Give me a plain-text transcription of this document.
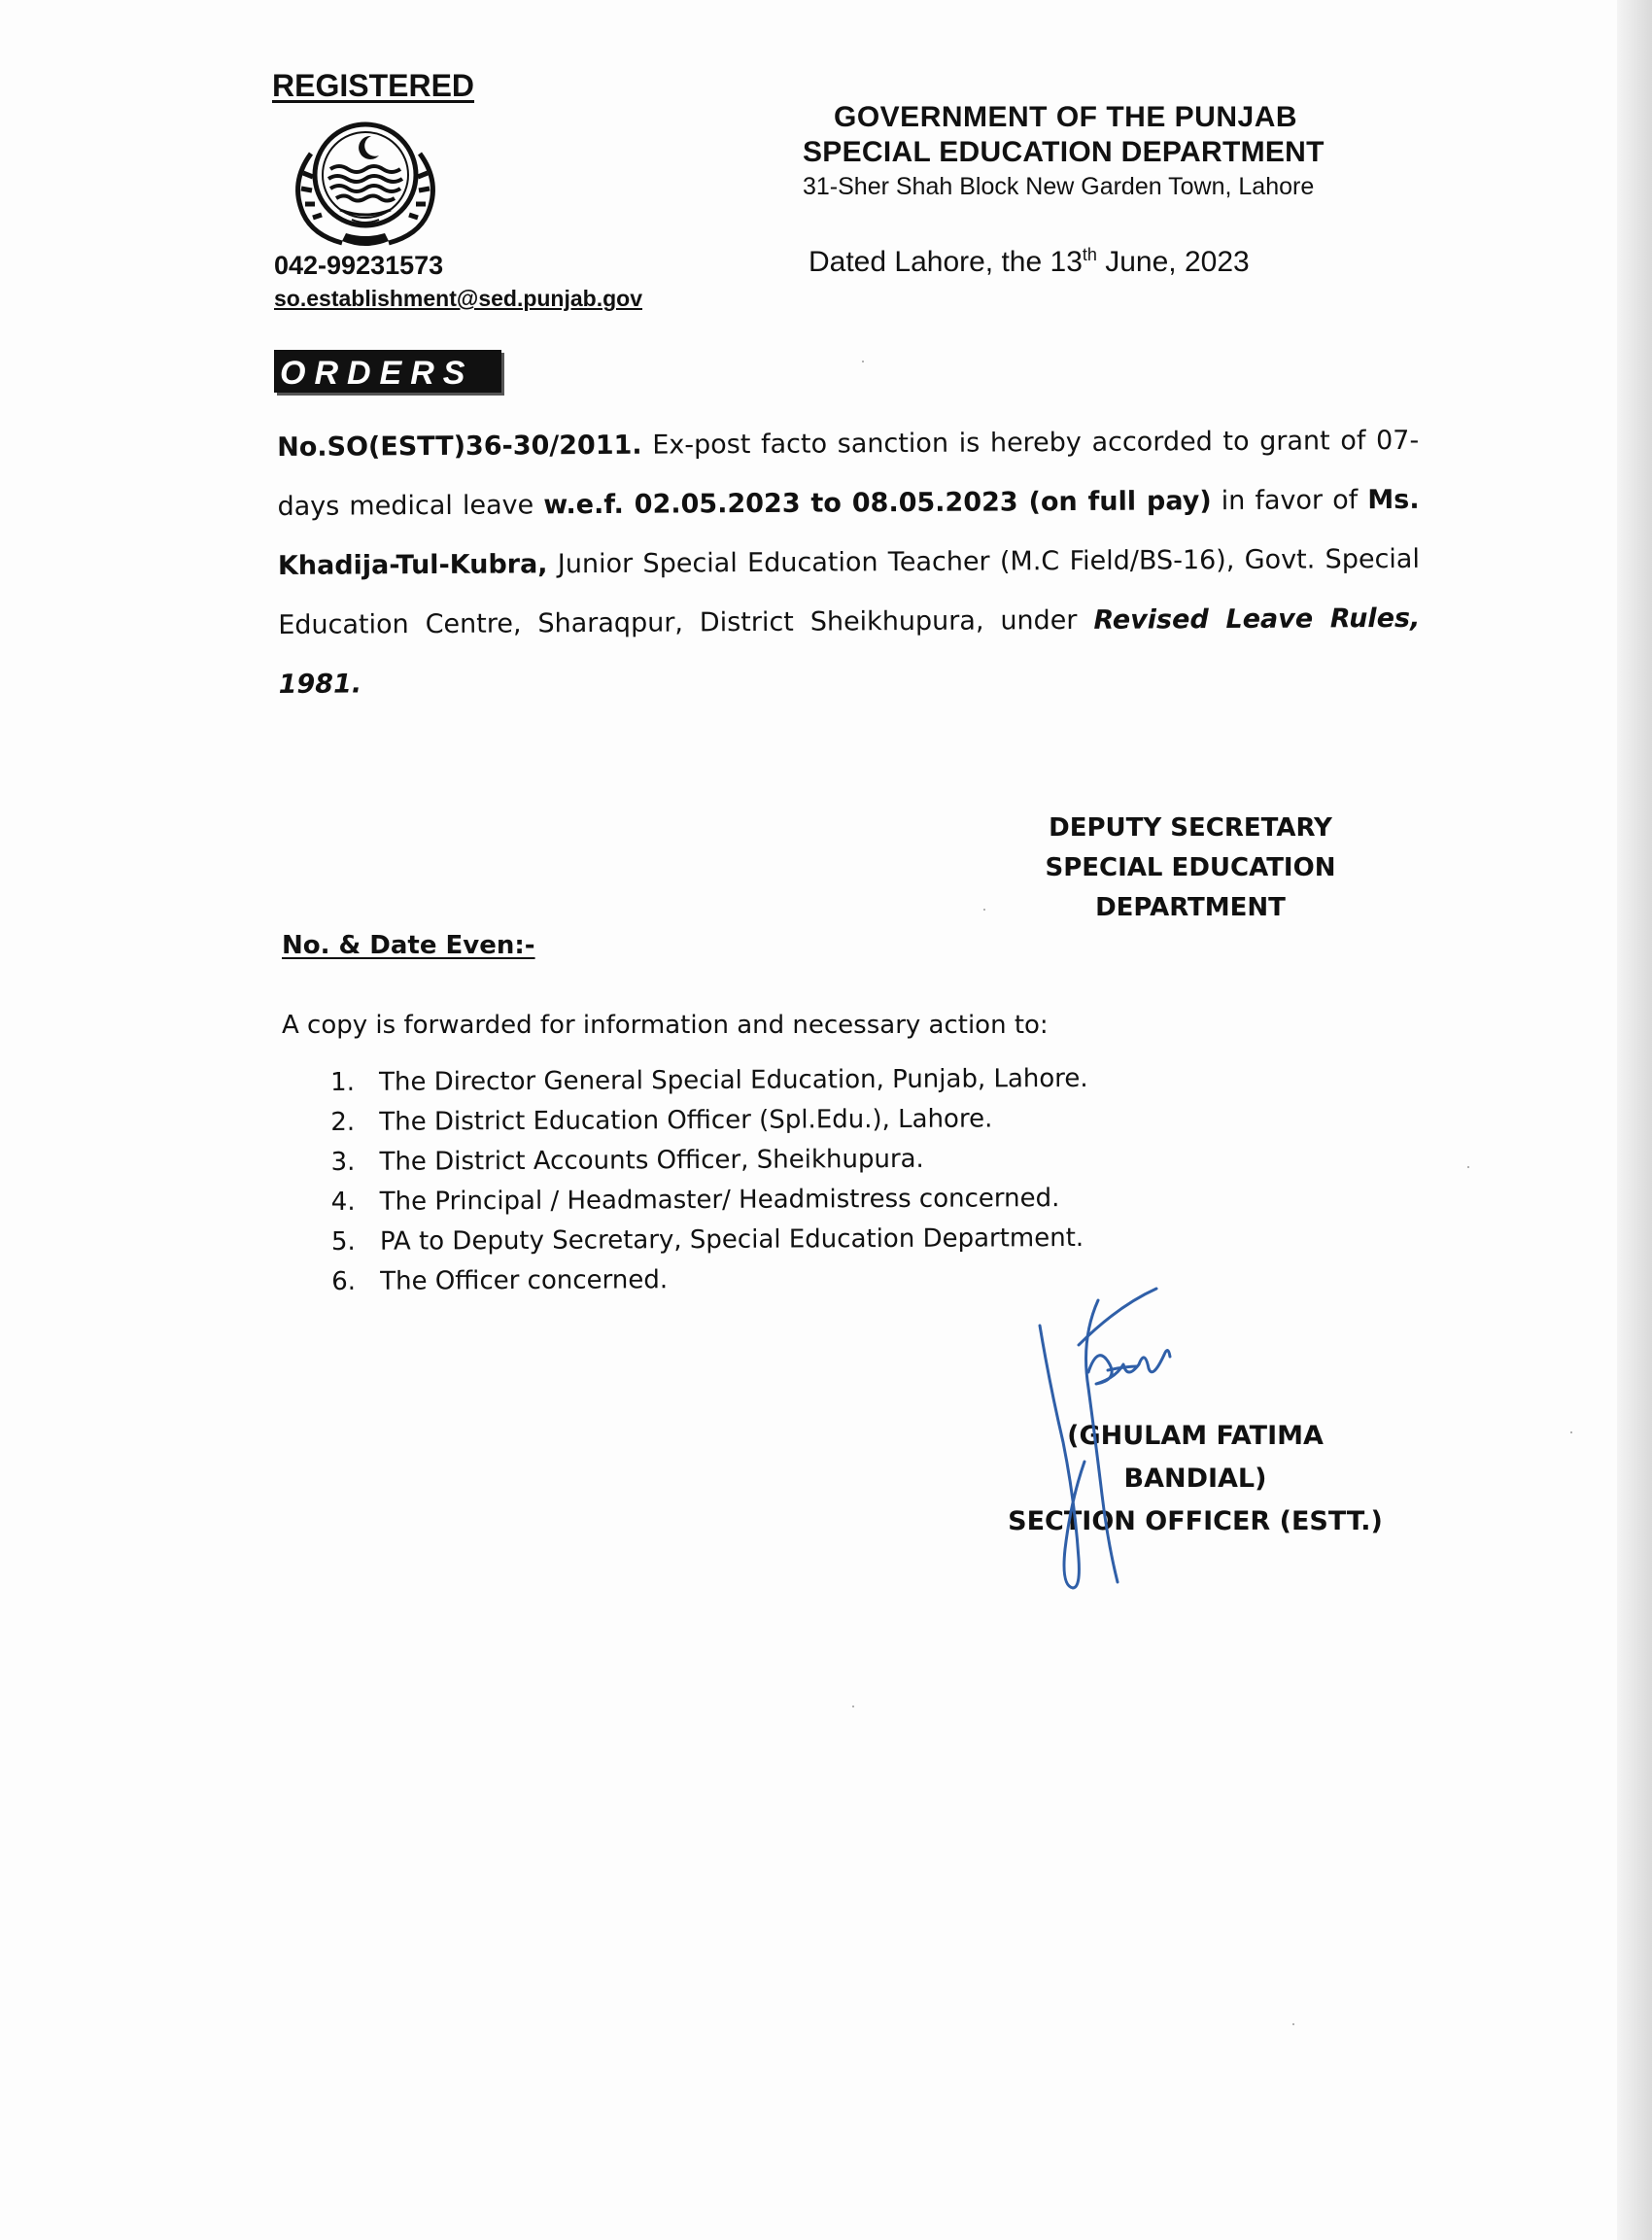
REGISTERED
042-99231573
so.establishment@sed.punjab.gov
GOVERNMENT OF THE PUNJAB
SPECIAL EDUCATION DEPARTMENT
31-Sher Shah Block New Garden Town, Lahore
Dated Lahore, the 13th June, 2023
ORDERS
No.SO(ESTT)36-30/2011. Ex-post facto sanction is hereby accorded to grant of 07-days medical leave w.e.f. 02.05.2023 to 08.05.2023 (on full pay) in favor of Ms. Khadija-Tul-Kubra, Junior Special Education Teacher (M.C Field/BS-16), Govt. Special Education Centre, Sharaqpur, District Sheikhupura, under Revised Leave Rules, 1981.
DEPUTY SECRETARY
SPECIAL EDUCATION
DEPARTMENT
No. & Date Even:-
A copy is forwarded for information and necessary action to:
1. The Director General Special Education, Punjab, Lahore.
2. The District Education Officer (Spl.Edu.), Lahore.
3. The District Accounts Officer, Sheikhupura.
4. The Principal / Headmaster/ Headmistress concerned.
5. PA to Deputy Secretary, Special Education Department.
6. The Officer concerned.
(GHULAM FATIMA BANDIAL)
SECTION OFFICER (ESTT.)
